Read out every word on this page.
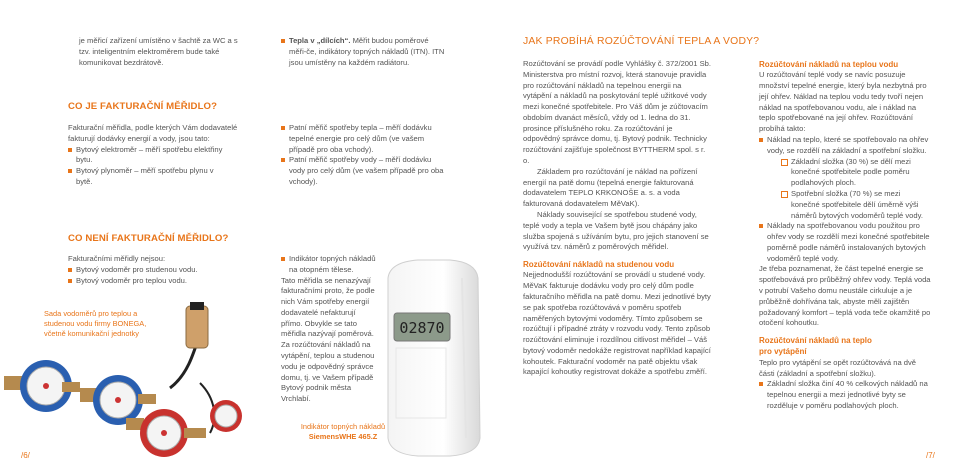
je měřicí zařízení umístěno v šachtě za WC a s tzv. inteligentním elektroměrem bude také komunikovat bezdrátově.
CO JE FAKTURAČNÍ MĚŘIDLO?
Fakturační měřidla, podle kterých Vám dodavatelé fakturují dodávky energií a vody, jsou tato:
Bytový elektroměr – měří spotřebu elektřiny bytu.
Bytový plynoměr – měří spotřebu plynu v bytě.
CO NENÍ FAKTURAČNÍ MĚŘIDLO?
Fakturačními měřidly nejsou:
Bytový vodoměr pro studenou vodu.
Bytový vodoměr pro teplou vodu.
Sada vodoměrů pro teplou a studenou vodu firmy BONEGA, včetně komunikační jednotky
/6/
Tepla v „dílcích“. Měřit budou poměrové měři-če, indikátory topných nákladů (ITN). ITN jsou umístěny na každém radiátoru.
Patní měřič spotřeby tepla – měří dodávku tepelné energie pro celý dům (ve vašem případě pro oba vchody).
Patní měřič spotřeby vody – měří dodávku vody pro celý dům (ve vašem případě pro oba vchody).
Indikátor topných nákladů na otopném tělese.
Tato měřidla se nenazývají fakturačními proto, že podle nich Vám spotřeby energií dodavatelé nefakturují přímo. Obvykle se tato měřidla nazývají poměrová. Za rozúčtování nákladů na vytápění, teplou a studenou vodu je odpovědný správce domu, tj. ve Vašem případě Bytový podnik města Vrchlabí.
02870
Indikátor topných nákladů
SiemensWHE 465.Z
JAK PROBÍHÁ ROZÚČTOVÁNÍ TEPLA A VODY?

Rozúčtování se provádí podle Vyhlášky č. 372/2001 Sb. Ministerstva pro místní rozvoj, která stanovuje pravidla pro rozúčtování nákladů na tepelnou energii na vytápění a nákladů na poskytování teplé užitkové vody mezi konečné spotřebitele. Pro Váš dům je zúčtovacím obdobím dvanáct měsíců, vždy od 1. ledna do 31. prosince příslušného roku. Za rozúčtování je odpovědný správce domu, tj. Bytový podnik. Technicky rozúčtování zajišťuje společnost BYTTHERM spol. s r. o.

Základem pro rozúčtování je náklad na pořízení energií na patě domu (tepelná energie fakturovaná dodavatelem TEPLO KRKONOŠE a. s. a voda fakturovaná dodavatelem MěVaK).

Náklady související se spotřebou studené vody, teplé vody a tepla ve Vašem bytě jsou chápány jako služba spojená s užíváním bytu, pro jejich stanovení se využívá tzv. náměrů z poměrových měřidel.

Rozúčtování nákladů na studenou vodu

Nejjednodušší rozúčtování se provádí u studené vody. MěVaK fakturuje dodávku vody pro celý dům podle fakturačního měřidla na patě domu. Mezi jednotlivé byty se pak spotřeba rozúčtovává v poměru spotřeb naměřených bytovými vodoměry. Tímto způsobem se rozúčtují i případné ztráty v rozvodu vody. Tento způsob rozúčtování eliminuje i rozdílnou citlivost měřidel – Váš bytový vodoměr nedokáže registrovat například kapající kohoutek. Fakturační vodoměr na patě objektu však kapající kohoutky registrovat dokáže a spotřebu změří.

Rozúčtování nákladů na teplou vodu

U rozúčtování teplé vody se navíc posuzuje množství tepelné energie, který byla nezbytná pro její ohřev. Náklad na teplou vodu tedy tvoří nejen náklad na spotřebovanou vodu, ale i náklad na teplo spotřebované na její ohřev. Rozúčtování probíhá takto:

Náklad na teplo, které se spotřebovalo na ohřev vody, se rozdělí na základní a spotřební složku.
Základní složka (30 %) se dělí mezi konečné spotřebitele podle poměru podlahových ploch.
Spotřební složka (70 %) se mezi konečné spotřebitele dělí úměrně výši náměrů bytových vodoměrů teplé vody.
Náklady na spotřebovanou vodu použitou pro ohřev vody se rozdělí mezi konečné spotřebitele poměrně podle náměrů instalovaných bytových vodoměrů teplé vody.

Je třeba poznamenat, že část tepelné energie se spotřebovává pro průběžný ohřev vody. Teplá voda v potrubí Vašeho domu neustále cirkuluje a je průběžně dohřívána tak, abyste měli zajištěn požadovaný komfort – teplá voda teče okamžitě po otočení kohoutku.

Rozúčtování nákladů na teplo
pro vytápění

Teplo pro vytápění se opět rozúčtovává na dvě části (základní a spotřební složku).

Základní složka činí 40 % celkových nákladů na tepelnou energii a mezi jednotlivé byty se rozděluje v poměru podlahových ploch.
/7/
